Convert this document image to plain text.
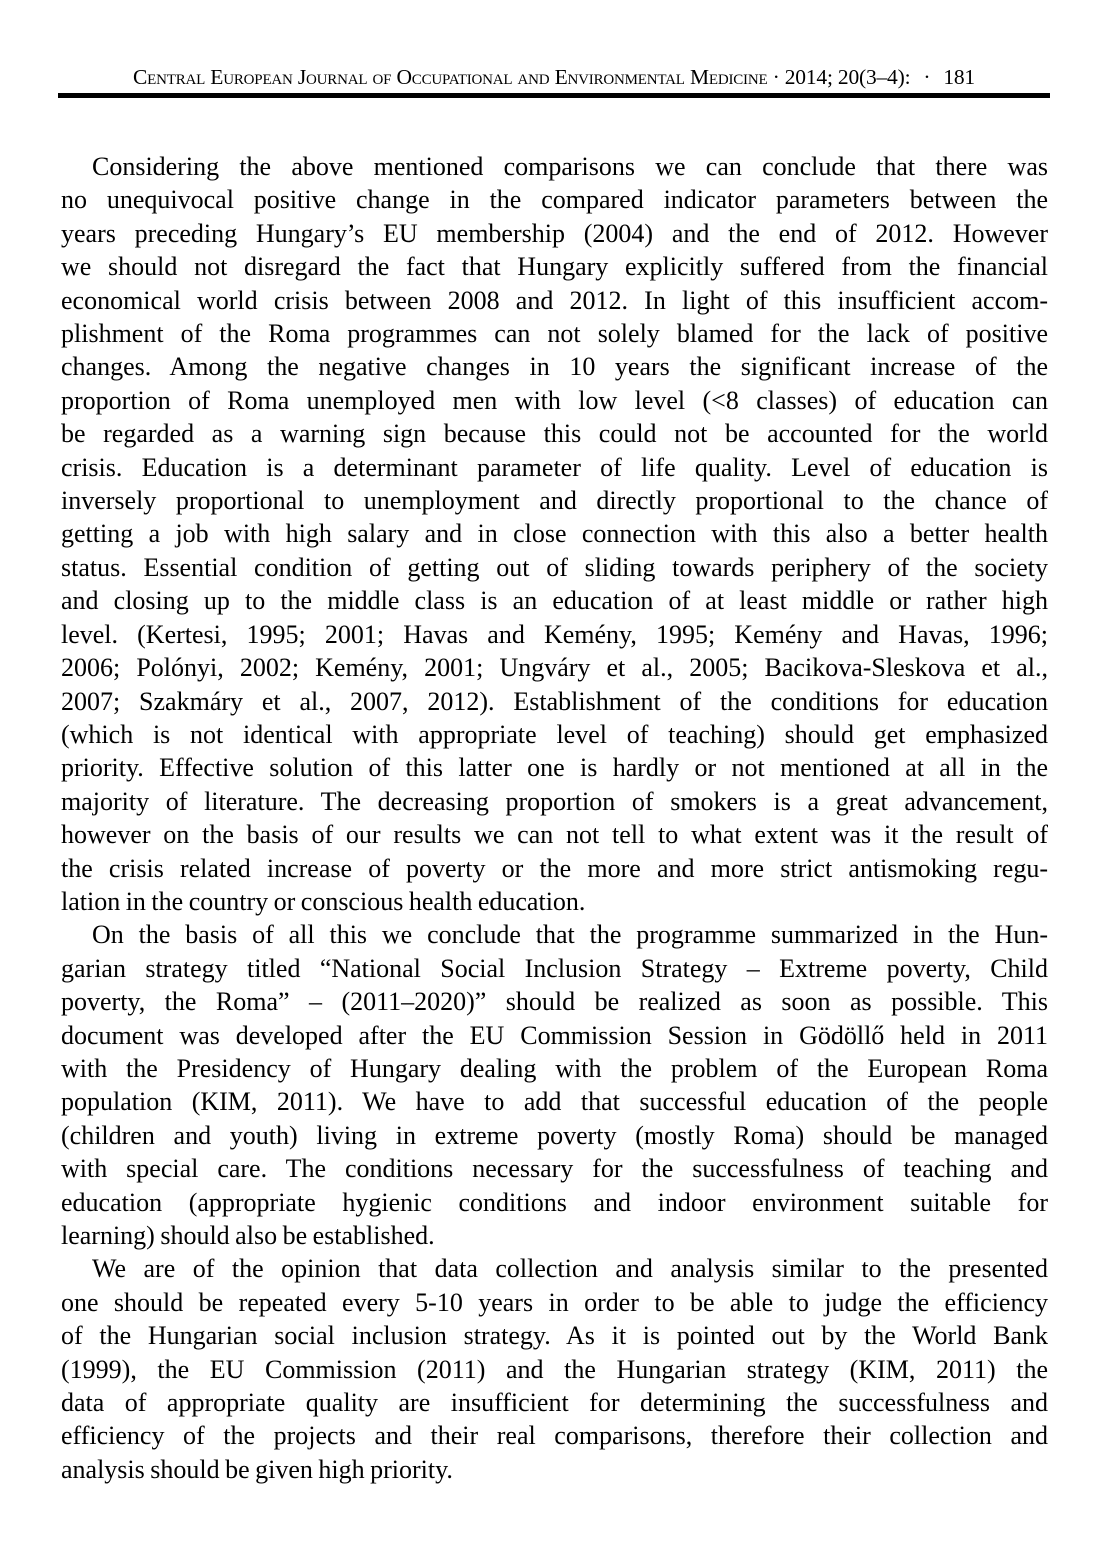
Central European Journal of Occupational and Environmental Medicine · 2014; 20(3–4): · 181
Considering the above mentioned comparisons we can conclude that there was
no unequivocal positive change in the compared indicator parameters between the
years preceding Hungary’s EU membership (2004) and the end of 2012. However
we should not disregard the fact that Hungary explicitly suffered from the financial
economical world crisis between 2008 and 2012. In light of this insufficient accom-
plishment of the Roma programmes can not solely blamed for the lack of positive
changes. Among the negative changes in 10 years the significant increase of the
proportion of Roma unemployed men with low level (<8 classes) of education can
be regarded as a warning sign because this could not be accounted for the world
crisis. Education is a determinant parameter of life quality. Level of education is
inversely proportional to unemployment and directly proportional to the chance of
getting a job with high salary and in close connection with this also a better health
status. Essential condition of getting out of sliding towards periphery of the society
and closing up to the middle class is an education of at least middle or rather high
level. (Kertesi, 1995; 2001; Havas and Kemény, 1995; Kemény and Havas, 1996;
2006; Polónyi, 2002; Kemény, 2001; Ungváry et al., 2005; Bacikova-Sleskova et al.,
2007; Szakmáry et al., 2007, 2012). Establishment of the conditions for education
(which is not identical with appropriate level of teaching) should get emphasized
priority. Effective solution of this latter one is hardly or not mentioned at all in the
majority of literature. The decreasing proportion of smokers is a great advancement,
however on the basis of our results we can not tell to what extent was it the result of
the crisis related increase of poverty or the more and more strict antismoking regu-
lation in the country or conscious health education.
On the basis of all this we conclude that the programme summarized in the Hun-
garian strategy titled “National Social Inclusion Strategy – Extreme poverty, Child
poverty, the Roma” – (2011–2020)” should be realized as soon as possible. This
document was developed after the EU Commission Session in Gödöllő held in 2011
with the Presidency of Hungary dealing with the problem of the European Roma
population (KIM, 2011). We have to add that successful education of the people
(children and youth) living in extreme poverty (mostly Roma) should be managed
with special care. The conditions necessary for the successfulness of teaching and
education (appropriate hygienic conditions and indoor environment suitable for
learning) should also be established.
We are of the opinion that data collection and analysis similar to the presented
one should be repeated every 5-10 years in order to be able to judge the efficiency
of the Hungarian social inclusion strategy. As it is pointed out by the World Bank
(1999), the EU Commission (2011) and the Hungarian strategy (KIM, 2011) the
data of appropriate quality are insufficient for determining the successfulness and
efficiency of the projects and their real comparisons, therefore their collection and
analysis should be given high priority.
